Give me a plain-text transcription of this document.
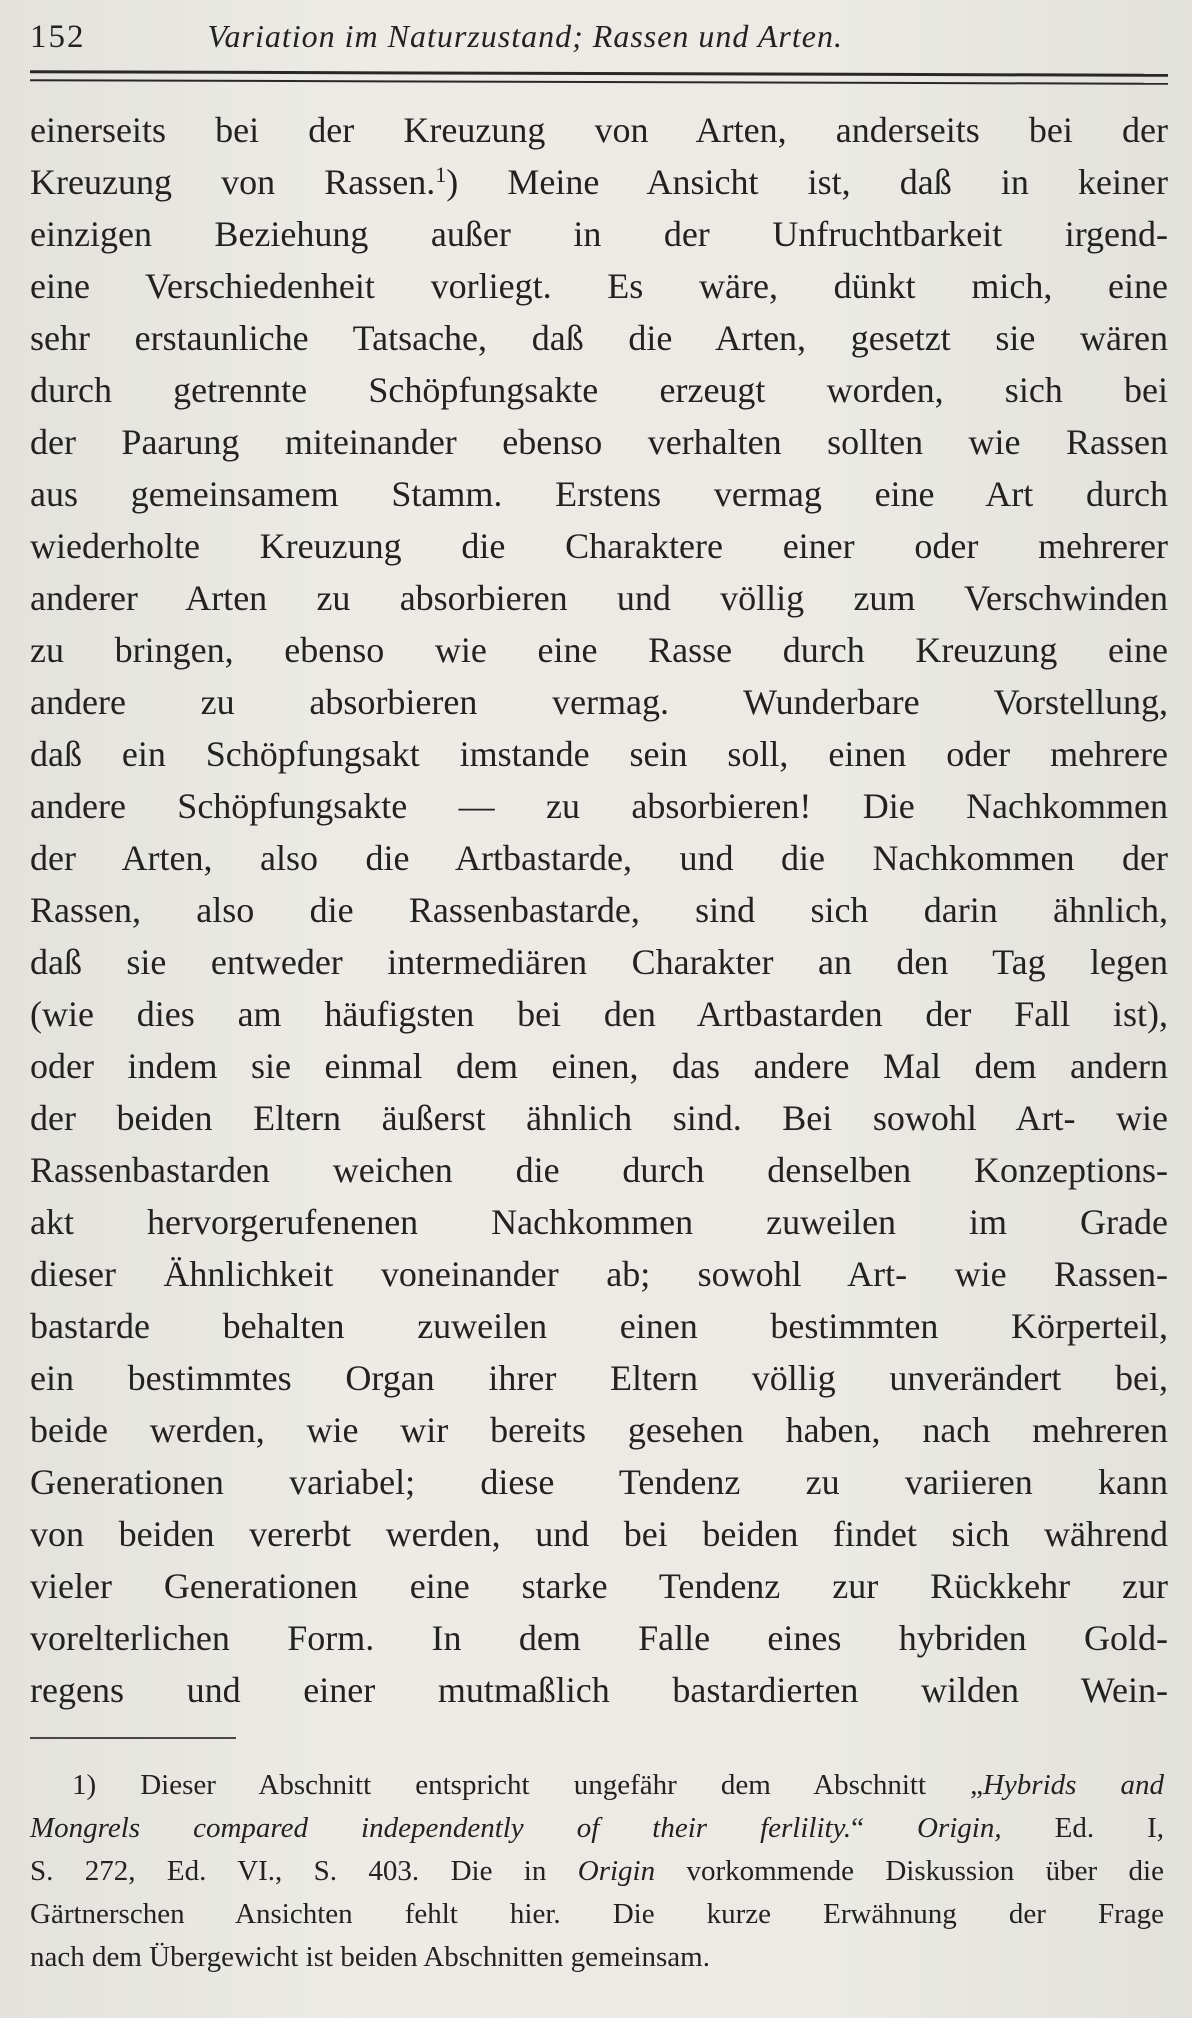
152	Variation im Naturzustand; Rassen und Arten.
einerseits bei der Kreuzung von Arten, anderseits bei der
Kreuzung von Rassen.$^1$) Meine Ansicht ist, daß in keiner
einzigen Beziehung außer in der Unfruchtbarkeit irgend-
eine Verschiedenheit vorliegt. Es wäre, dünkt mich, eine
sehr erstaunliche Tatsache, daß die Arten, gesetzt sie wären
durch getrennte Schöpfungsakte erzeugt worden, sich bei
der Paarung miteinander ebenso verhalten sollten wie Rassen
aus gemeinsamem Stamm. Erstens vermag eine Art durch
wiederholte Kreuzung die Charaktere einer oder mehrerer
anderer Arten zu absorbieren und völlig zum Verschwinden
zu bringen, ebenso wie eine Rasse durch Kreuzung eine
andere zu absorbieren vermag. Wunderbare Vorstellung,
daß ein Schöpfungsakt imstande sein soll, einen oder mehrere
andere Schöpfungsakte — zu absorbieren! Die Nachkommen
der Arten, also die Artbastarde, und die Nachkommen der
Rassen, also die Rassenbastarde, sind sich darin ähnlich,
daß sie entweder intermediären Charakter an den Tag legen
(wie dies am häufigsten bei den Artbastarden der Fall ist),
oder indem sie einmal dem einen, das andere Mal dem andern
der beiden Eltern äußerst ähnlich sind. Bei sowohl Art- wie
Rassenbastarden weichen die durch denselben Konzeptions-
akt hervorgerufenenen Nachkommen zuweilen im Grade
dieser Ähnlichkeit voneinander ab; sowohl Art- wie Rassen-
bastarde behalten zuweilen einen bestimmten Körperteil,
ein bestimmtes Organ ihrer Eltern völlig unverändert bei,
beide werden, wie wir bereits gesehen haben, nach mehreren
Generationen variabel; diese Tendenz zu variieren kann
von beiden vererbt werden, und bei beiden findet sich während
vieler Generationen eine starke Tendenz zur Rückkehr zur
vorelterlichen Form. In dem Falle eines hybriden Gold-
regens und einer mutmaßlich bastardierten wilden Wein-
1) Dieser Abschnitt entspricht ungefähr dem Abschnitt „Hybrids and
Mongrels compared independently of their ferlility.“ Origin, Ed. I,
S. 272, Ed. VI., S. 403. Die in Origin vorkommende Diskussion über die
Gärtnerschen Ansichten fehlt hier. Die kurze Erwähnung der Frage
nach dem Übergewicht ist beiden Abschnitten gemeinsam.
